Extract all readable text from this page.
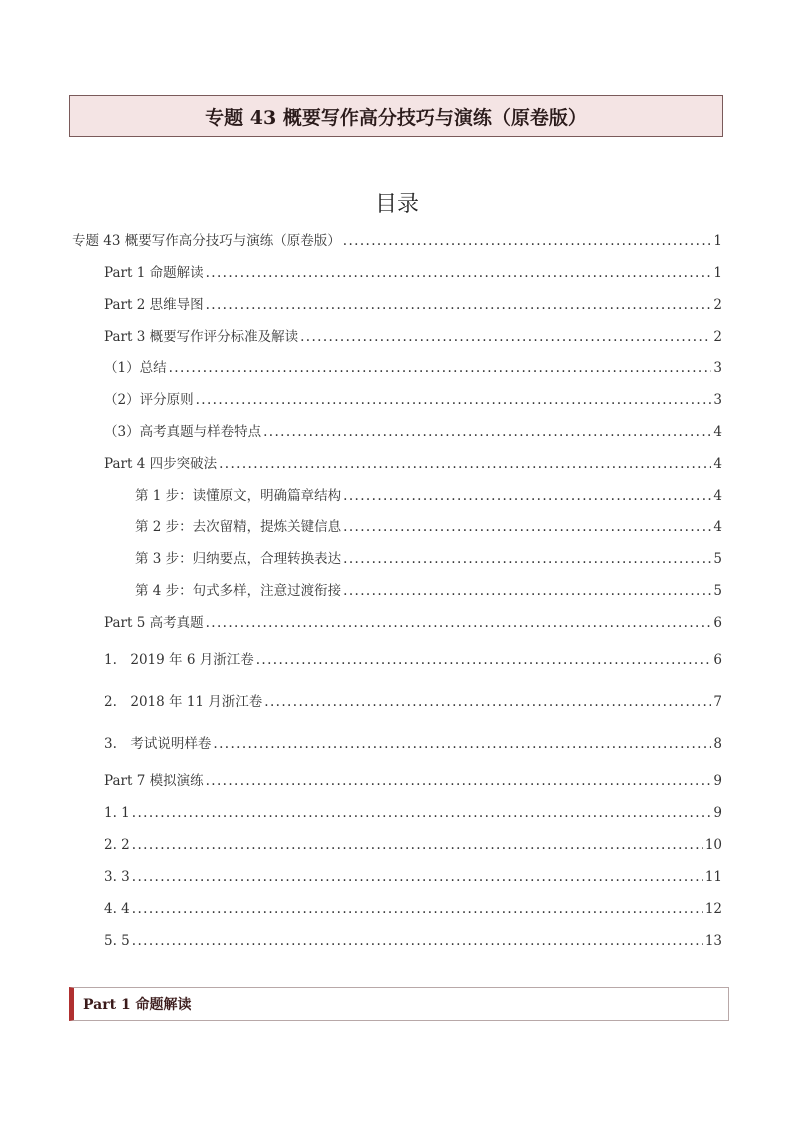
专题 43 概要写作高分技巧与演练（原卷版）
目录
专题 43 概要写作高分技巧与演练（原卷版） .....	1
Part 1 命题解读 .....	1
Part 2 思维导图 .....	2
Part 3 概要写作评分标准及解读 .....	2
（1）总结 .....	3
（2）评分原则 .....	3
（3）高考真题与样卷特点 .....	4
Part 4 四步突破法 .....	4
第 1 步：读懂原文，明确篇章结构 .....	4
第 2 步：去次留精，提炼关键信息 .....	4
第 3 步：归纳要点，合理转换表达 .....	5
第 4 步：句式多样，注意过渡衔接 .....	5
Part 5 高考真题 .....	6
1.　2019 年 6 月浙江卷 .....	6
2.　2018 年 11 月浙江卷 .....	7
3.　考试说明样卷 .....	8
Part 7 模拟演练 .....	9
1. 1 .....	9
2. 2 .....	10
3. 3 .....	11
4. 4 .....	12
5. 5 .....	13
Part 1 命题解读
